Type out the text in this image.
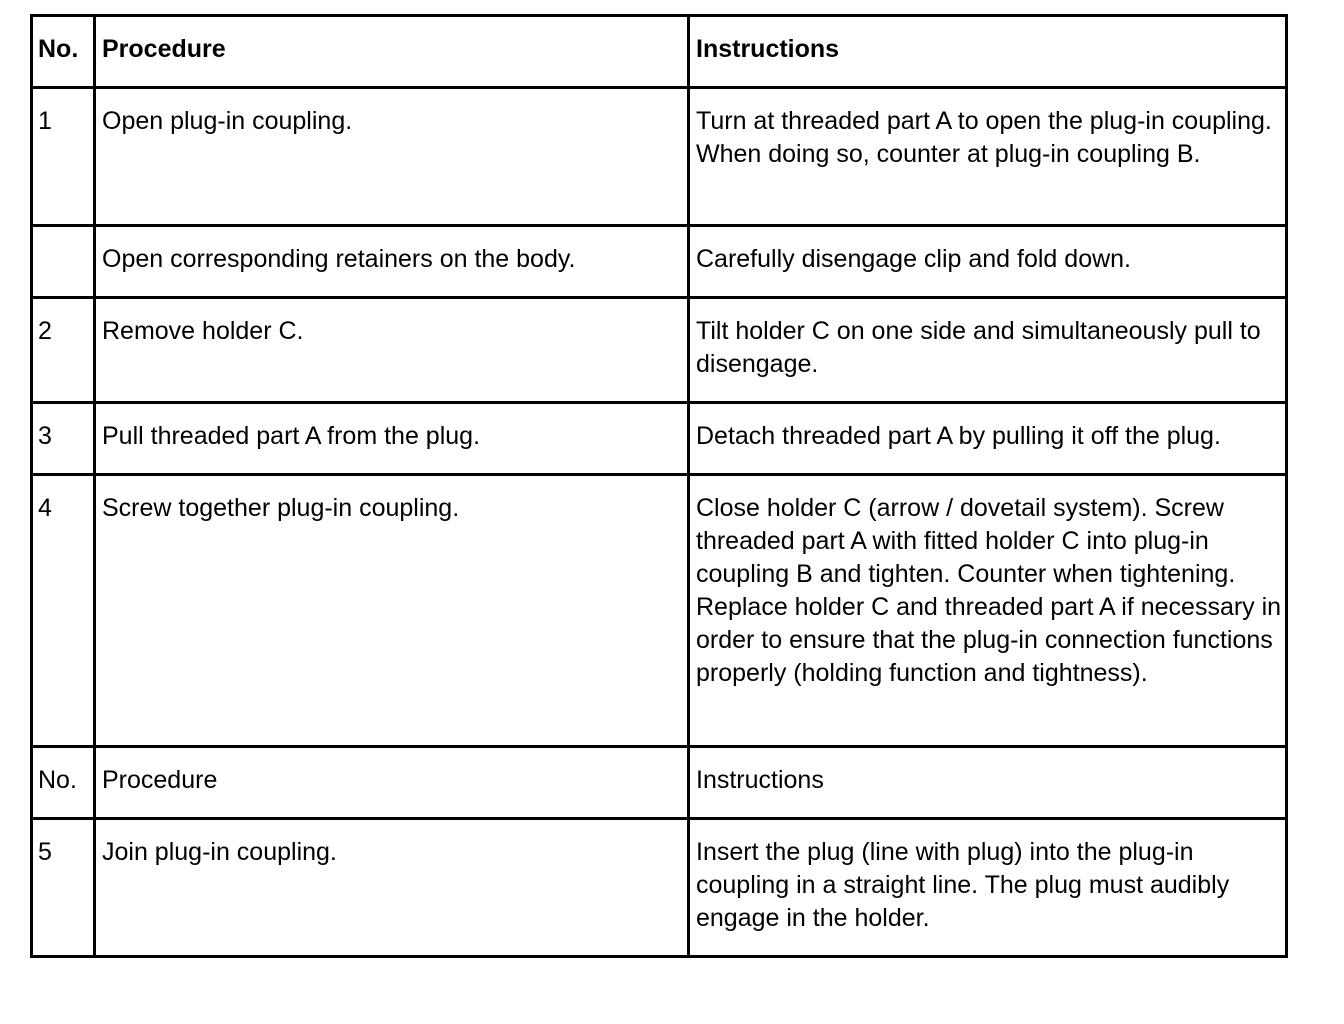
No.	Procedure	Instructions
1	Open plug-in coupling.	Turn at threaded part A to open the plug-in coupling. When doing so, counter at plug-in coupling B.
	Open corresponding retainers on the body.	Carefully disengage clip and fold down.
2	Remove holder C.	Tilt holder C on one side and simultaneously pull to disengage.
3	Pull threaded part A from the plug.	Detach threaded part A by pulling it off the plug.
4	Screw together plug-in coupling.	Close holder C (arrow / dovetail system). Screw threaded part A with fitted holder C into plug-in coupling B and tighten. Counter when tightening. Replace holder C and threaded part A if necessary in order to ensure that the plug-in connection functions properly (holding function and tightness).
No.	Procedure	Instructions
5	Join plug-in coupling.	Insert the plug (line with plug) into the plug-in coupling in a straight line. The plug must audibly engage in the holder.
